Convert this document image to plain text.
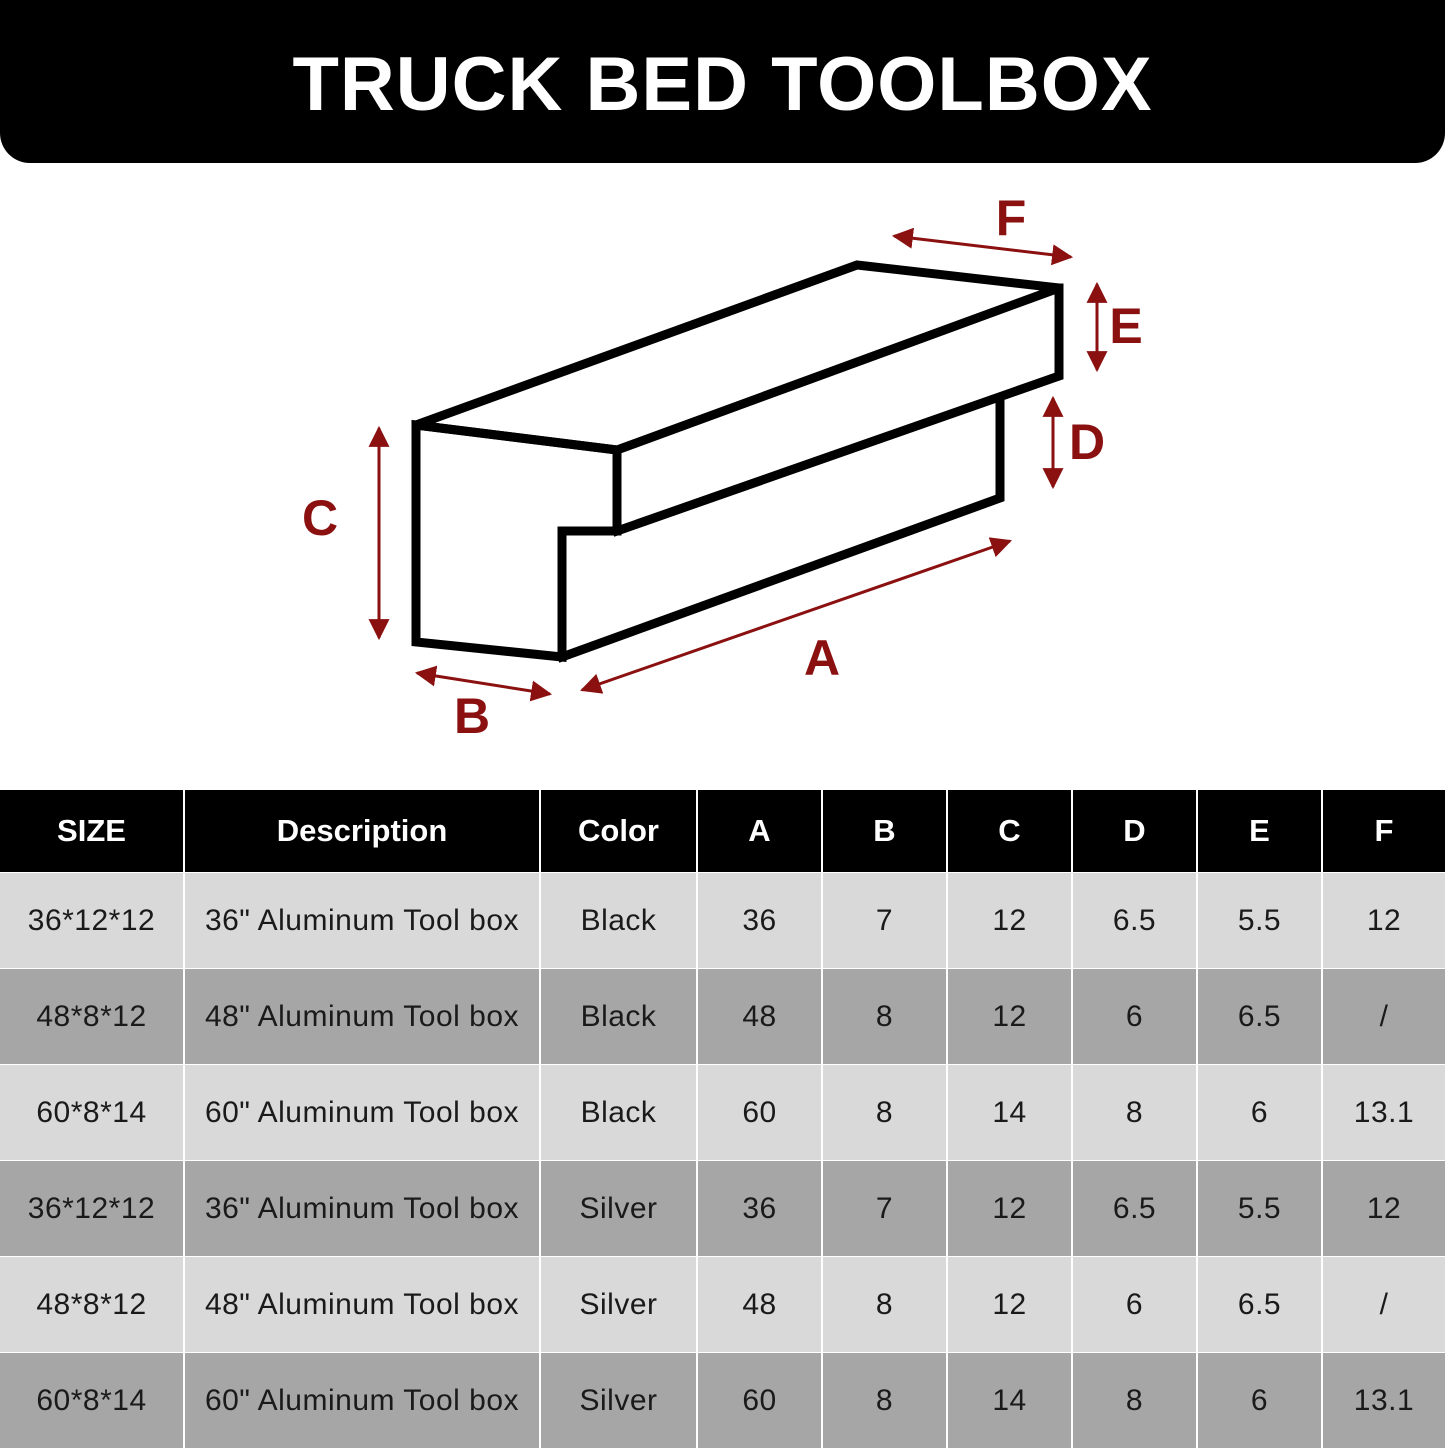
TRUCK BED TOOLBOX
F
E
D
C
A
B
SIZE	Description	Color	A	B	C	D	E	F
36*12*12	36" Aluminum Tool box	Black	36	7	12	6.5	5.5	12
48*8*12	48" Aluminum Tool box	Black	48	8	12	6	6.5	/
60*8*14	60" Aluminum Tool box	Black	60	8	14	8	6	13.1
36*12*12	36" Aluminum Tool box	Silver	36	7	12	6.5	5.5	12
48*8*12	48" Aluminum Tool box	Silver	48	8	12	6	6.5	/
60*8*14	60" Aluminum Tool box	Silver	60	8	14	8	6	13.1
